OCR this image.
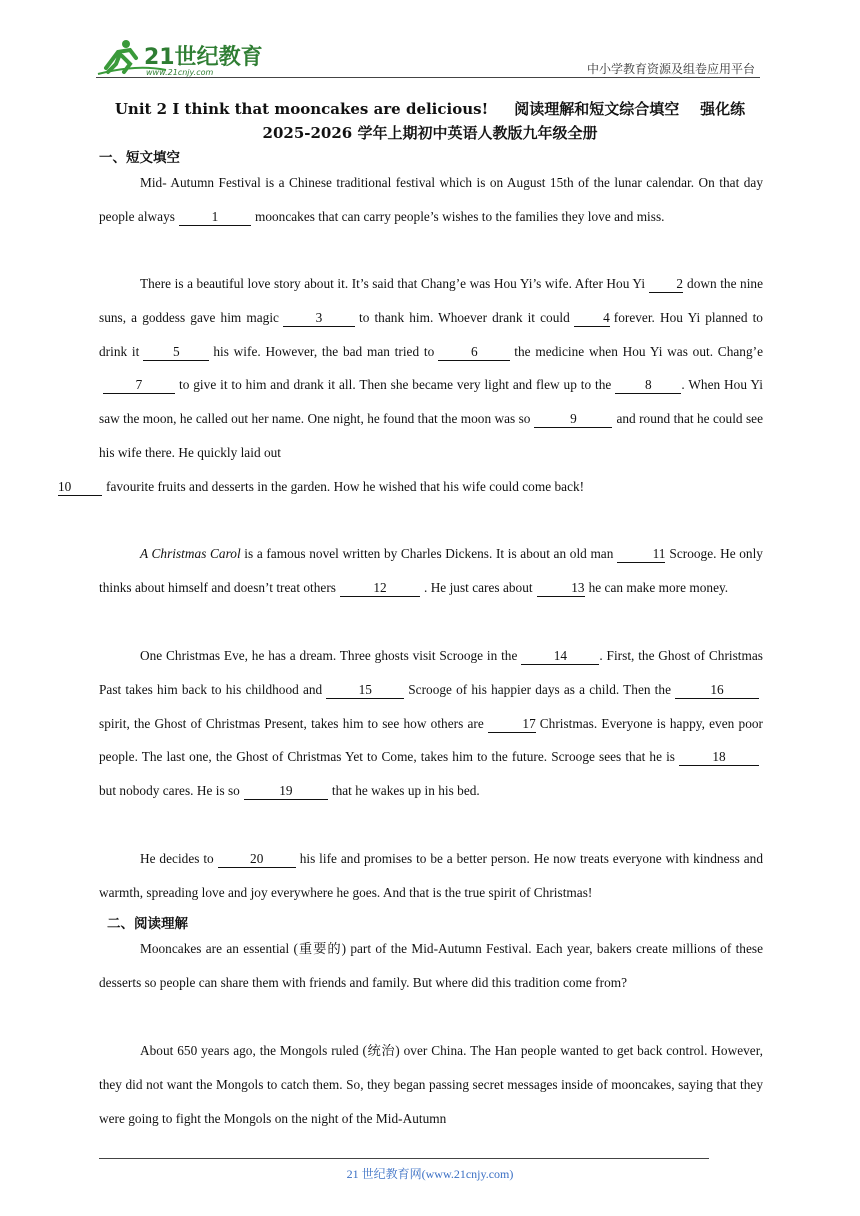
21世纪教育
www.21cnjy.com	中小学教育资源及组卷应用平台
Unit 2 I think that mooncakes are delicious!     阅读理解和短文综合填空    强化练
2025-2026 学年上期初中英语人教版九年级全册
一、短文填空
Mid- Autumn Festival is a Chinese traditional festival which is on August 15th of the lunar calendar. On that day people always	1	mooncakes that can carry people’s wishes to the families they love and miss.
There is a beautiful love story about it. It’s said that Chang’e was Hou Yi’s wife. After Hou Yi 2 down the nine suns, a goddess gave him magic	3	to thank him. Whoever drank it could	4 forever. Hou Yi planned to drink it	5	his wife. However, the bad man tried to	6	the medicine when Hou Yi was out. Chang’e7	to give it to him and drank it all. Then she became very light and flew up to the	8 . When Hou Yi saw the moon, he called out her name. One night, he found that the moon was so	9	and round that he could see his wife there. He quickly laid out
10	favourite fruits and desserts in the garden. How he wished that his wife could come back!
A Christmas Carol is a famous novel written by Charles Dickens. It is about an old man	11 Scrooge. He only thinks about himself and doesn’t treat others	12	. He just cares about	13 he can make more money.
One Christmas Eve, he has a dream. Three ghosts visit Scrooge in the	14 . First, the Ghost of Christmas Past takes him back to his childhood and	15	Scrooge of his happier days as a child. Then the	16spirit, the Ghost of Christmas Present, takes him to see how others are	17 Christmas. Everyone is happy, even poor people. The last one, the Ghost of Christmas Yet to Come, takes him to the future. Scrooge sees that he is	18but nobody cares. He is so	19	that he wakes up in his bed.
He decides to	20	his life and promises to be a better person. He now treats everyone with kindness and warmth, spreading love and joy everywhere he goes. And that is the true spirit of Christmas!
二、阅读理解
Mooncakes are an essential (重要的) part of the Mid-Autumn Festival. Each year, bakers create millions of these desserts so people can share them with friends and family. But where did this tradition come from?
About 650 years ago, the Mongols ruled (统治) over China. The Han people wanted to get back control. However, they did not want the Mongols to catch them. So, they began passing secret messages inside of mooncakes, saying that they were going to fight the Mongols on the night of the Mid-Autumn
21 世纪教育网(www.21cnjy.com)
